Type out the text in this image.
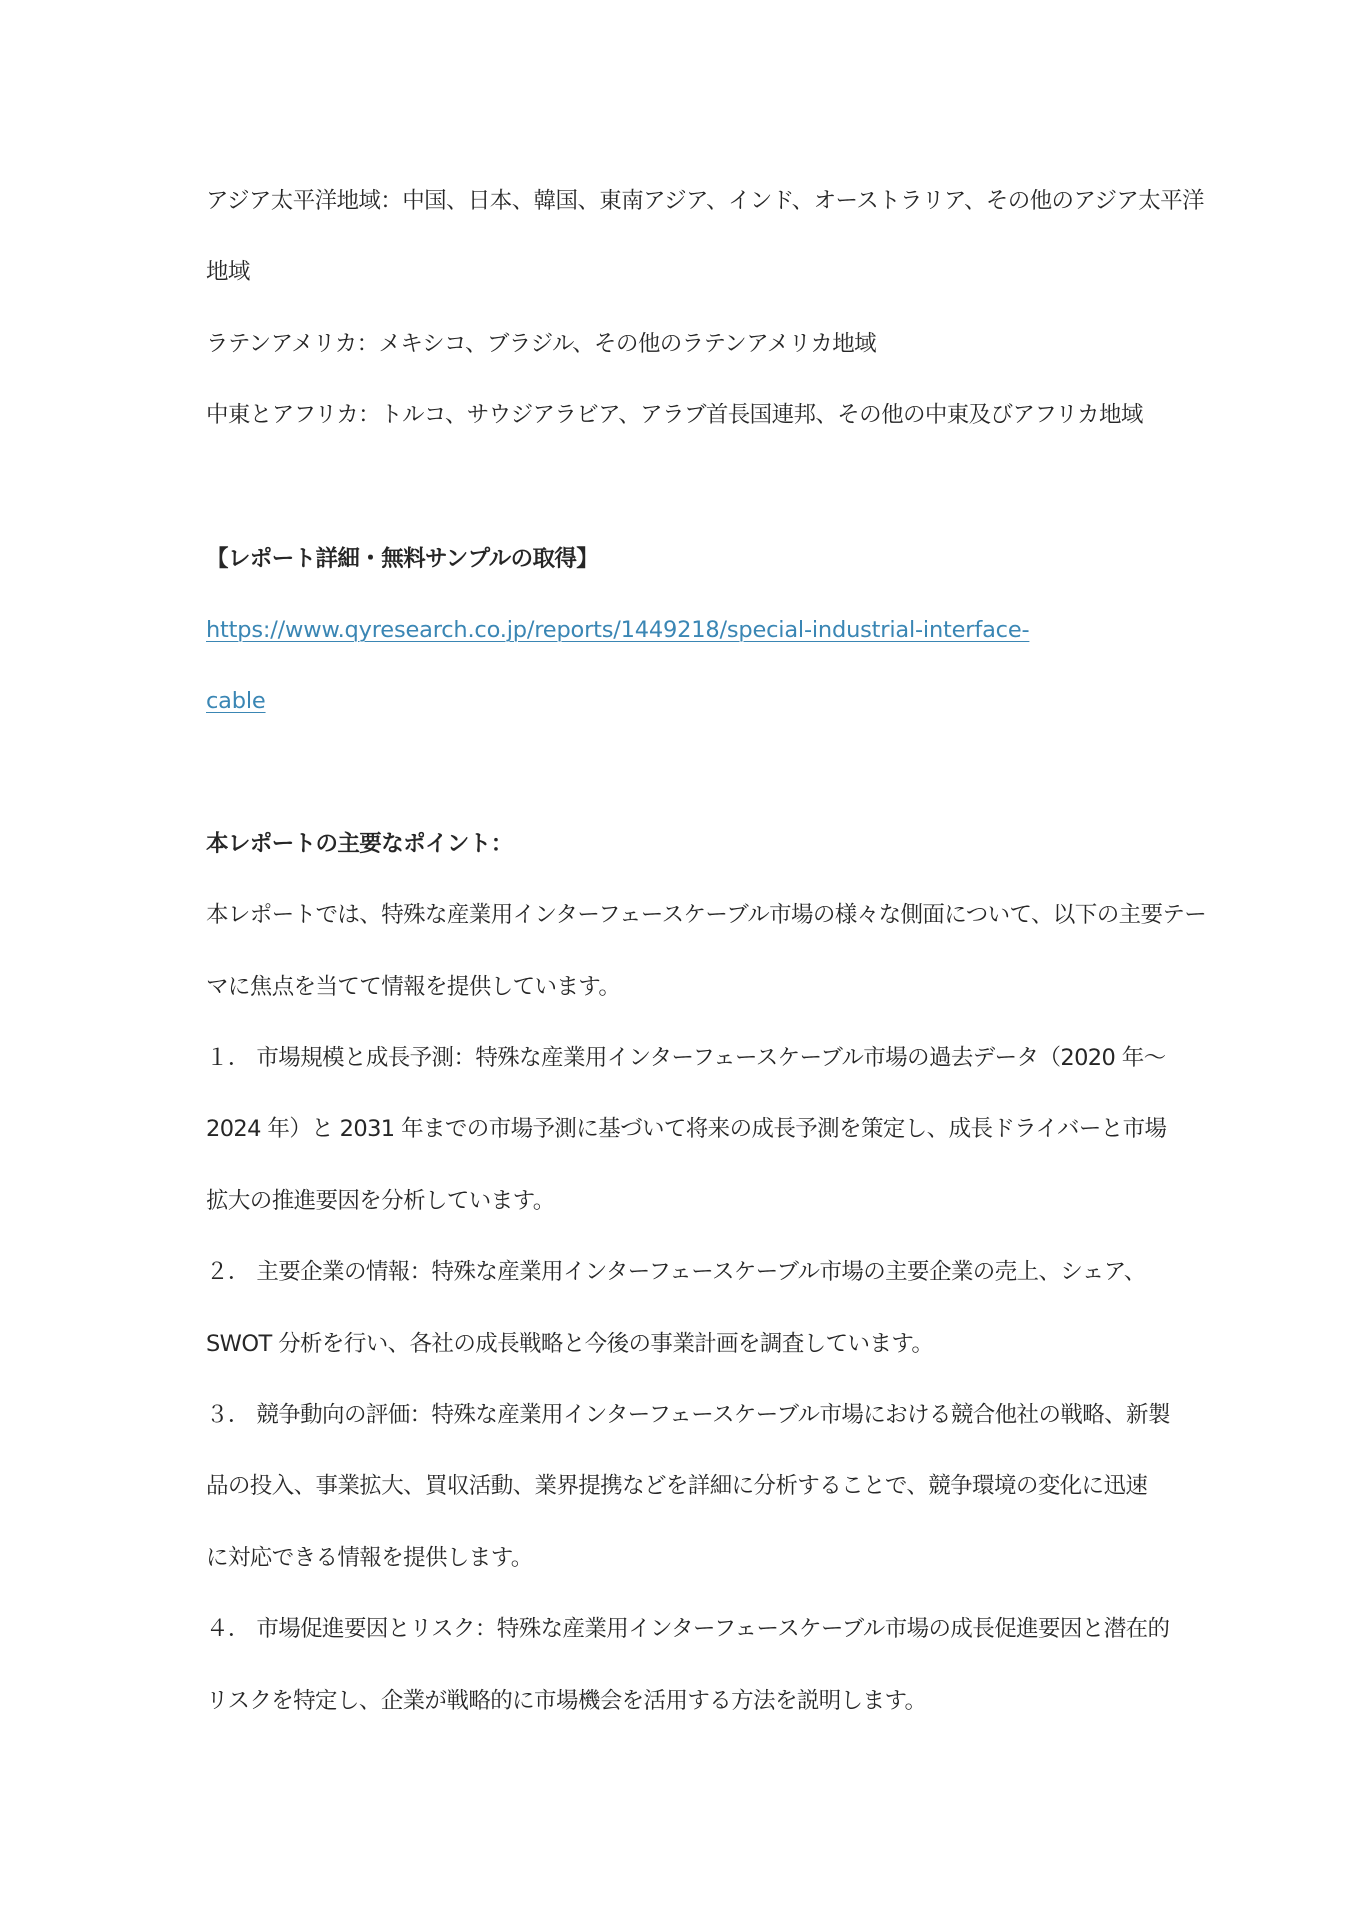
アジア太平洋地域：中国、日本、韓国、東南アジア、インド、オーストラリア、その他のアジア太平洋
地域
ラテンアメリカ：メキシコ、ブラジル、その他のラテンアメリカ地域
中東とアフリカ：トルコ、サウジアラビア、アラブ首長国連邦、その他の中東及びアフリカ地域
【レポート詳細・無料サンプルの取得】
https://www.qyresearch.co.jp/reports/1449218/special-industrial-interface-
cable
本レポートの主要なポイント：
本レポートでは、特殊な産業用インターフェースケーブル市場の様々な側面について、以下の主要テー
マに焦点を当てて情報を提供しています。
１． 市場規模と成長予測：特殊な産業用インターフェースケーブル市場の過去データ（2020 年～
2024 年）と 2031 年までの市場予測に基づいて将来の成長予測を策定し、成長ドライバーと市場
拡大の推進要因を分析しています。
２． 主要企業の情報：特殊な産業用インターフェースケーブル市場の主要企業の売上、シェア、
SWOT 分析を行い、各社の成長戦略と今後の事業計画を調査しています。
３． 競争動向の評価：特殊な産業用インターフェースケーブル市場における競合他社の戦略、新製
品の投入、事業拡大、買収活動、業界提携などを詳細に分析することで、競争環境の変化に迅速
に対応できる情報を提供します。
４． 市場促進要因とリスク：特殊な産業用インターフェースケーブル市場の成長促進要因と潜在的
リスクを特定し、企業が戦略的に市場機会を活用する方法を説明します。
